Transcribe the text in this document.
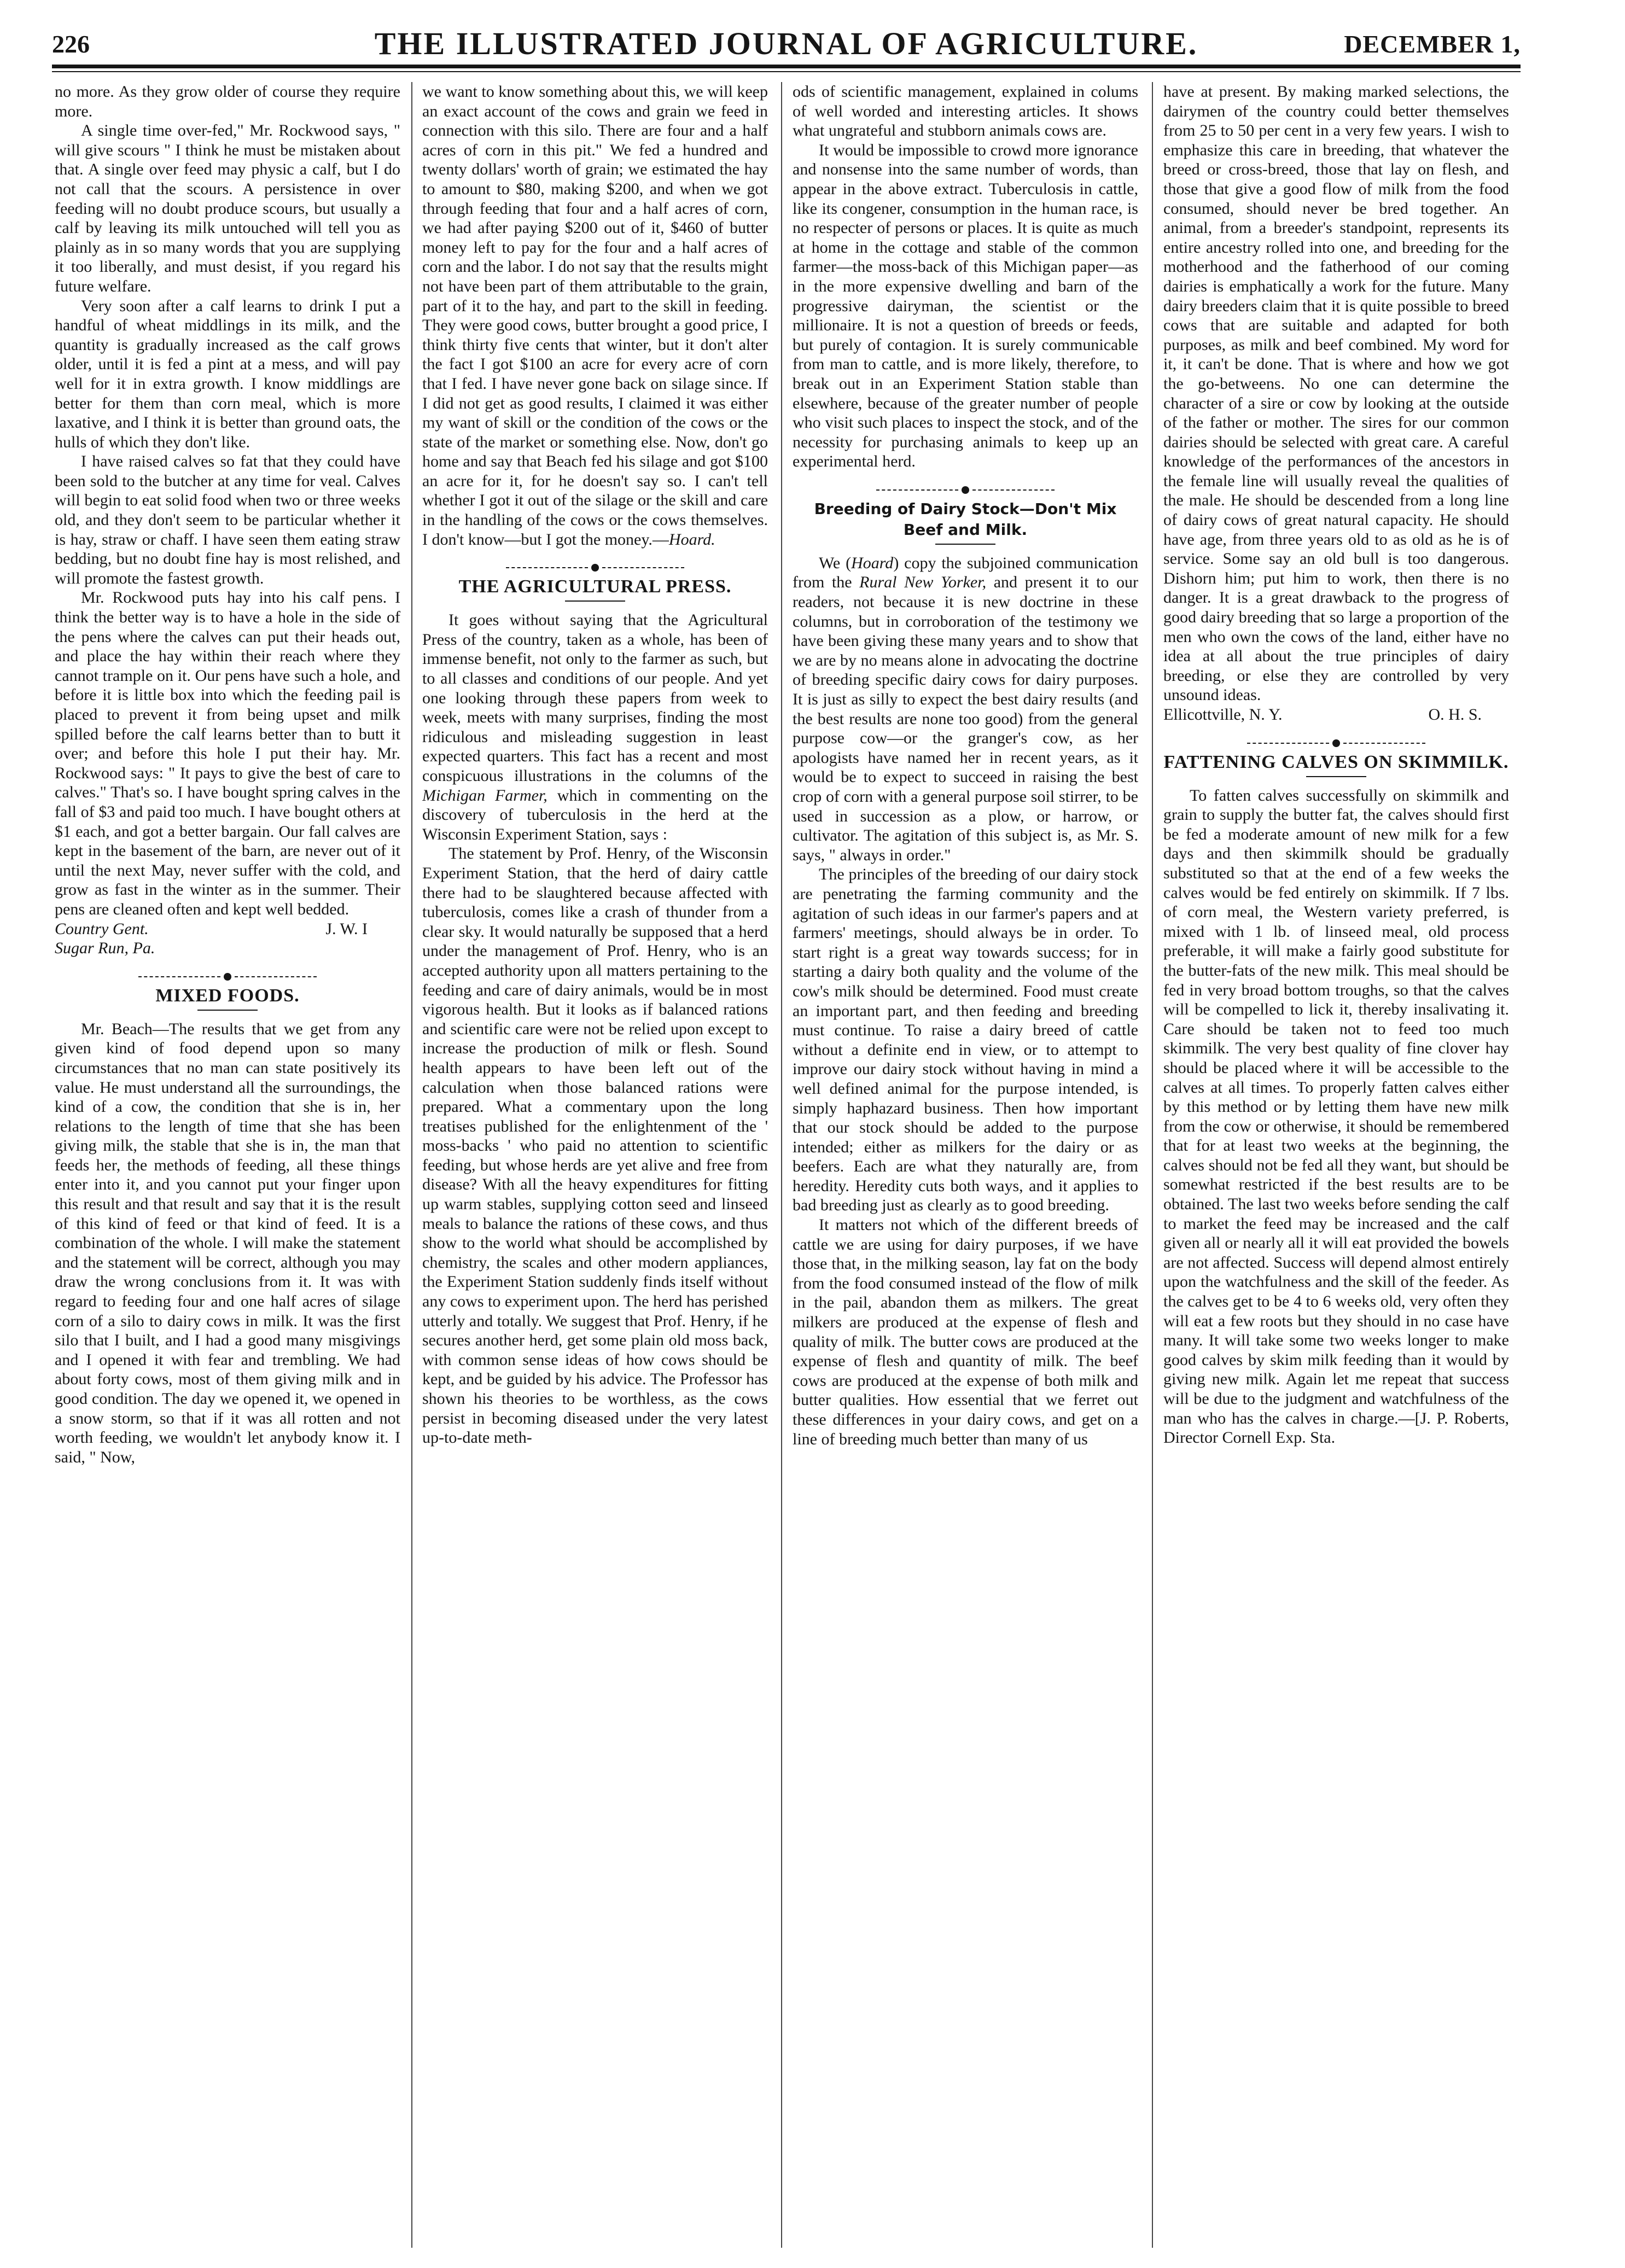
226	THE ILLUSTRATED JOURNAL OF AGRICULTURE.	DECEMBER 1,

no more. As they grow older of course they require more.

A single time over-fed," Mr. Rockwood says, " will give scours " I think he must be mistaken about that. A single over feed may physic a calf, but I do not call that the scours. A persistence in over feeding will no doubt produce scours, but usually a calf by leaving its milk untouched will tell you as plainly as in so many words that you are supplying it too liberally, and must desist, if you regard his future welfare.

Very soon after a calf learns to drink I put a handful of wheat middlings in its milk, and the quantity is gradually increased as the calf grows older, until it is fed a pint at a mess, and will pay well for it in extra growth. I know middlings are better for them than corn meal, which is more laxative, and I think it is better than ground oats, the hulls of which they don't like.

I have raised calves so fat that they could have been sold to the butcher at any time for veal. Calves will begin to eat solid food when two or three weeks old, and they don't seem to be particular whether it is hay, straw or chaff. I have seen them eating straw bedding, but no doubt fine hay is most relished, and will promote the fastest growth.

Mr. Rockwood puts hay into his calf pens. I think the better way is to have a hole in the side of the pens where the calves can put their heads out, and place the hay within their reach where they cannot trample on it. Our pens have such a hole, and before it is little box into which the feeding pail is placed to prevent it from being upset and milk spilled before the calf learns better than to butt it over; and before this hole I put their hay. Mr. Rockwood says: " It pays to give the best of care to calves." That's so. I have bought spring calves in the fall of $3 and paid too much. I have bought others at $1 each, and got a better bargain. Our fall calves are kept in the basement of the barn, are never out of it until the next May, never suffer with the cold, and grow as fast in the winter as in the summer. Their pens are cleaned often and kept well bedded.

Country Gent.	J. W. I
Sugar Run, Pa.
MIXED FOODS.

Mr. Beach—The results that we get from any given kind of food depend upon so many circumstances that no man can state positively its value. He must understand all the surroundings, the kind of a cow, the condition that she is in, her relations to the length of time that she has been giving milk, the stable that she is in, the man that feeds her, the methods of feeding, all these things enter into it, and you cannot put your finger upon this result and that result and say that it is the result of this kind of feed or that kind of feed. It is a combination of the whole. I will make the statement and the statement will be correct, although you may draw the wrong conclusions from it. It was with regard to feeding four and one half acres of silage corn of a silo to dairy cows in milk. It was the first silo that I built, and I had a good many misgivings and I opened it with fear and trembling. We had about forty cows, most of them giving milk and in good condition. The day we opened it, we opened in a snow storm, so that if it was all rotten and not worth feeding, we wouldn't let anybody know it. I said, " Now,

we want to know something about this, we will keep an exact account of the cows and grain we feed in connection with this silo. There are four and a half acres of corn in this pit." We fed a hundred and twenty dollars' worth of grain; we estimated the hay to amount to $80, making $200, and when we got through feeding that four and a half acres of corn, we had after paying $200 out of it, $460 of butter money left to pay for the four and a half acres of corn and the labor. I do not say that the results might not have been part of them attributable to the grain, part of it to the hay, and part to the skill in feeding. They were good cows, butter brought a good price, I think thirty five cents that winter, but it don't alter the fact I got $100 an acre for every acre of corn that I fed. I have never gone back on silage since. If I did not get as good results, I claimed it was either my want of skill or the condition of the cows or the state of the market or something else. Now, don't go home and say that Beach fed his silage and got $100 an acre for it, for he doesn't say so. I can't tell whether I got it out of the silage or the skill and care in the handling of the cows or the cows themselves. I don't know—but I got the money.—Hoard.

THE AGRICULTURAL PRESS.

It goes without saying that the Agricultural Press of the country, taken as a whole, has been of immense benefit, not only to the farmer as such, but to all classes and conditions of our people. And yet one looking through these papers from week to week, meets with many surprises, finding the most ridiculous and misleading suggestion in least expected quarters. This fact has a recent and most conspicuous illustrations in the columns of the Michigan Farmer, which in commenting on the discovery of tuberculosis in the herd at the Wisconsin Experiment Station, says :

The statement by Prof. Henry, of the Wisconsin Experiment Station, that the herd of dairy cattle there had to be slaughtered because affected with tuberculosis, comes like a crash of thunder from a clear sky. It would naturally be supposed that a herd under the management of Prof. Henry, who is an accepted authority upon all matters pertaining to the feeding and care of dairy animals, would be in most vigorous health. But it looks as if balanced rations and scientific care were not be relied upon except to increase the production of milk or flesh. Sound health appears to have been left out of the calculation when those balanced rations were prepared. What a commentary upon the long treatises published for the enlightenment of the ' moss-backs ' who paid no attention to scientific feeding, but whose herds are yet alive and free from disease? With all the heavy expenditures for fitting up warm stables, supplying cotton seed and linseed meals to balance the rations of these cows, and thus show to the world what should be accomplished by chemistry, the scales and other modern appliances, the Experiment Station suddenly finds itself without any cows to experiment upon. The herd has perished utterly and totally. We suggest that Prof. Henry, if he secures another herd, get some plain old moss back, with common sense ideas of how cows should be kept, and be guided by his advice. The Professor has shown his theories to be worthless, as the cows persist in becoming diseased under the very latest up-to-date meth-

ods of scientific management, explained in colums of well worded and interesting articles. It shows what ungrateful and stubborn animals cows are.

It would be impossible to crowd more ignorance and nonsense into the same number of words, than appear in the above extract. Tuberculosis in cattle, like its congener, consumption in the human race, is no respecter of persons or places. It is quite as much at home in the cottage and stable of the common farmer—the moss-back of this Michigan paper—as in the more expensive dwelling and barn of the progressive dairyman, the scientist or the millionaire. It is not a question of breeds or feeds, but purely of contagion. It is surely communicable from man to cattle, and is more likely, therefore, to break out in an Experiment Station stable than elsewhere, because of the greater number of people who visit such places to inspect the stock, and of the necessity for purchasing animals to keep up an experimental herd.

Breeding of Dairy Stock—Don't Mix Beef and Milk.

We (Hoard) copy the subjoined communication from the Rural New Yorker, and present it to our readers, not because it is new doctrine in these columns, but in corroboration of the testimony we have been giving these many years and to show that we are by no means alone in advocating the doctrine of breeding specific dairy cows for dairy purposes. It is just as silly to expect the best dairy results (and the best results are none too good) from the general purpose cow—or the granger's cow, as her apologists have named her in recent years, as it would be to expect to succeed in raising the best crop of corn with a general purpose soil stirrer, to be used in succession as a plow, or harrow, or cultivator. The agitation of this subject is, as Mr. S. says, " always in order."

The principles of the breeding of our dairy stock are penetrating the farming community and the agitation of such ideas in our farmer's papers and at farmers' meetings, should always be in order. To start right is a great way towards success; for in starting a dairy both quality and the volume of the cow's milk should be determined. Food must create an important part, and then feeding and breeding must continue. To raise a dairy breed of cattle without a definite end in view, or to attempt to improve our dairy stock without having in mind a well defined animal for the purpose intended, is simply haphazard business. Then how important that our stock should be added to the purpose intended; either as milkers for the dairy or as beefers. Each are what they naturally are, from heredity. Heredity cuts both ways, and it applies to bad breeding just as clearly as to good breeding.

It matters not which of the different breeds of cattle we are using for dairy purposes, if we have those that, in the milking season, lay fat on the body from the food consumed instead of the flow of milk in the pail, abandon them as milkers. The great milkers are produced at the expense of flesh and quality of milk. The butter cows are produced at the expense of flesh and quantity of milk. The beef cows are produced at the expense of both milk and butter qualities. How essential that we ferret out these differences in your dairy cows, and get on a line of breeding much better than many of us

have at present. By making marked selections, the dairymen of the country could better themselves from 25 to 50 per cent in a very few years. I wish to emphasize this care in breeding, that whatever the breed or cross-breed, those that lay on flesh, and those that give a good flow of milk from the food consumed, should never be bred together. An animal, from a breeder's standpoint, represents its entire ancestry rolled into one, and breeding for the motherhood and the fatherhood of our coming dairies is emphatically a work for the future. Many dairy breeders claim that it is quite possible to breed cows that are suitable and adapted for both purposes, as milk and beef combined. My word for it, it can't be done. That is where and how we got the go-betweens. No one can determine the character of a sire or cow by looking at the outside of the father or mother. The sires for our common dairies should be selected with great care. A careful knowledge of the performances of the ancestors in the female line will usually reveal the qualities of the male. He should be descended from a long line of dairy cows of great natural capacity. He should have age, from three years old to as old as he is of service. Some say an old bull is too dangerous. Dishorn him; put him to work, then there is no danger. It is a great drawback to the progress of good dairy breeding that so large a proportion of the men who own the cows of the land, either have no idea at all about the true principles of dairy breeding, or else they are controlled by very unsound ideas.

Ellicottville, N. Y.	O. H. S.
FATTENING CALVES ON SKIMMILK.

To fatten calves successfully on skimmilk and grain to supply the butter fat, the calves should first be fed a moderate amount of new milk for a few days and then skimmilk should be gradually substituted so that at the end of a few weeks the calves would be fed entirely on skimmilk. If 7 lbs. of corn meal, the Western variety preferred, is mixed with 1 lb. of linseed meal, old process preferable, it will make a fairly good substitute for the butter-fats of the new milk. This meal should be fed in very broad bottom troughs, so that the calves will be compelled to lick it, thereby insalivating it. Care should be taken not to feed too much skimmilk. The very best quality of fine clover hay should be placed where it will be accessible to the calves at all times. To properly fatten calves either by this method or by letting them have new milk from the cow or otherwise, it should be remembered that for at least two weeks at the beginning, the calves should not be fed all they want, but should be somewhat restricted if the best results are to be obtained. The last two weeks before sending the calf to market the feed may be increased and the calf given all or nearly all it will eat provided the bowels are not affected. Success will depend almost entirely upon the watchfulness and the skill of the feeder. As the calves get to be 4 to 6 weeks old, very often they will eat a few roots but they should in no case have many. It will take some two weeks longer to make good calves by skim milk feeding than it would by giving new milk. Again let me repeat that success will be due to the judgment and watchfulness of the man who has the calves in charge.—[J. P. Roberts, Director Cornell Exp. Sta.
